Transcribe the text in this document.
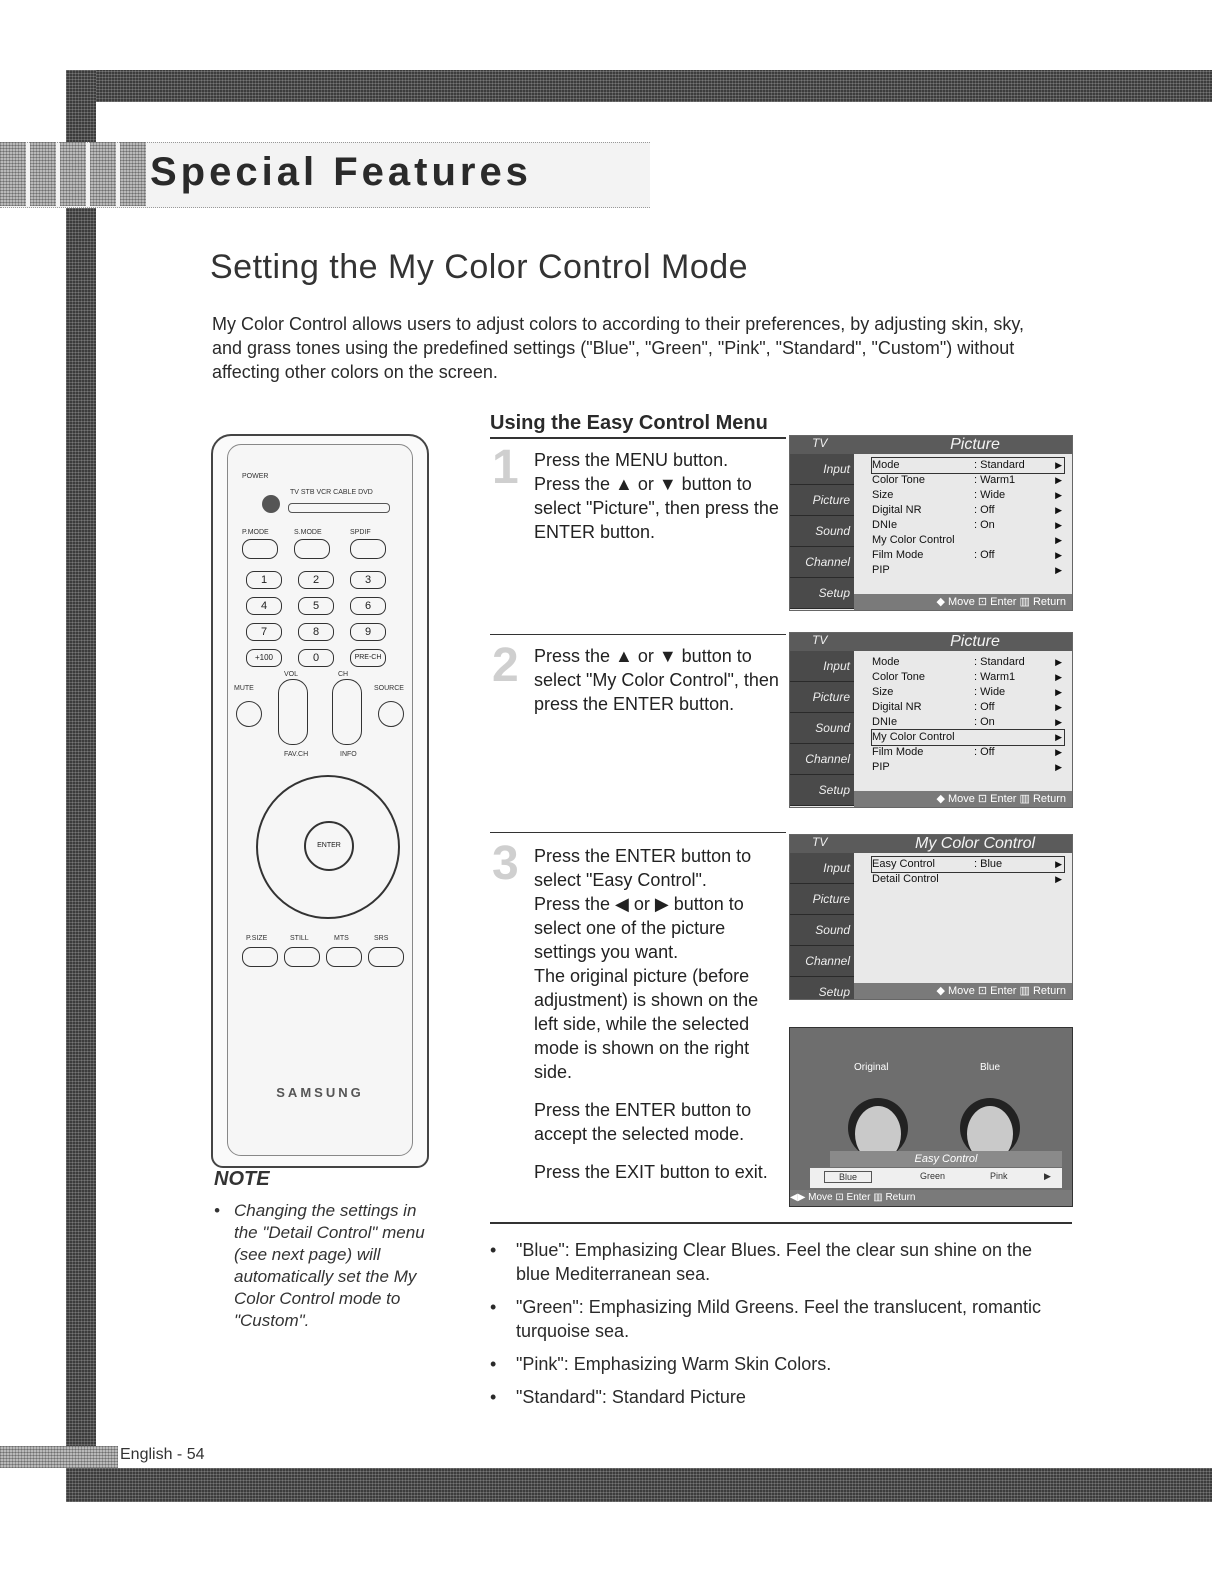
Special Features
Setting the My Color Control Mode
My Color Control allows users to adjust colors to according to their preferences, by adjusting skin, sky, and grass tones using the predefined settings ("Blue", "Green", "Pink", "Standard", "Custom") without affecting other colors on the screen.
Using the Easy Control Menu
1 Press the MENU button.

Press the ▲ or ▼ button to select "Picture", then press the ENTER button.

2 Press the ▲ or ▼ button to select "My Color Control", then press the ENTER button.

3 Press the ENTER button to select "Easy Control".

Press the ◀ or ▶ button to select one of the picture settings you want.

The original picture (before adjustment) is shown on the left side, while the selected mode is shown on the right side.

Press the ENTER button to accept the selected mode.

Press the EXIT button to exit.

TV	Picture
Input
Picture
Sound
Channel
Setup
Mode	: Standard	▶
Color Tone	: Warm1	▶
Size	: Wide	▶
Digital NR	: Off	▶
DNIe	: On	▶
My Color Control	▶
Film Mode	: Off	▶
PIP	▶
◆ Move ⊡ Enter ▥ Return
TV	Picture
Input
Picture
Sound
Channel
Setup
Mode	: Standard	▶
Color Tone	: Warm1	▶
Size	: Wide	▶
Digital NR	: Off	▶
DNIe	: On	▶
My Color Control	▶
Film Mode	: Off	▶
PIP	▶
◆ Move ⊡ Enter ▥ Return
TV	My Color Control
Input
Picture
Sound
Channel
Setup
Easy Control	: Blue	▶
Detail Control	▶
◆ Move ⊡ Enter ▥ Return
Original	Blue
Easy Control
Blue	Green	Pink	▶
◀▶ Move ⊡ Enter ▥ Return
POWER
TV STB VCR CABLE DVD
P.MODE	S.MODE	SPDIF
1	2	3
4	5	6
7	8	9
+100	0	PRE-CH
VOL	CH
MUTE	SOURCE
FAV.CH	INFO
ENTER
P.SIZE	STILL	MTS	SRS
SAMSUNG
NOTE
• Changing the settings in the "Detail Control" menu (see next page) will automatically set the My Color Control mode to "Custom".
• "Blue": Emphasizing Clear Blues. Feel the clear sun shine on the blue Mediterranean sea.
• "Green": Emphasizing Mild Greens. Feel the translucent, romantic turquoise sea.
• "Pink": Emphasizing Warm Skin Colors.
• "Standard": Standard Picture
English - 54
